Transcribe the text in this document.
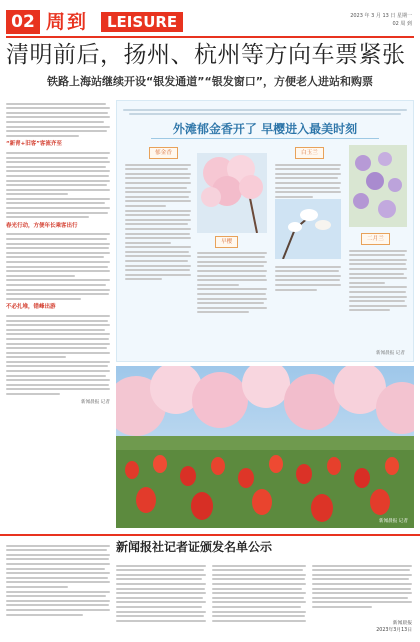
02 周到	LEISURE	2023 年 3 月 13 日 星期一
02 周 到
清明前后，扬州、杭州等方向车票紧张
铁路上海站继续开设“银发通道”“银发窗口”，方便老人进站和购票
“新青+旧客”客流齐至
春光行动，方便年长乘客出行
不必扎堆，错峰出游
新闻晨报 记者
外滩郁金香开了 早樱进入最美时刻
郁金香
早樱
白玉兰
二月兰
新闻晨报 记者
新闻晨报 记者
新闻报社记者证颁发名单公示
新闻晨报
2023年3月13日
